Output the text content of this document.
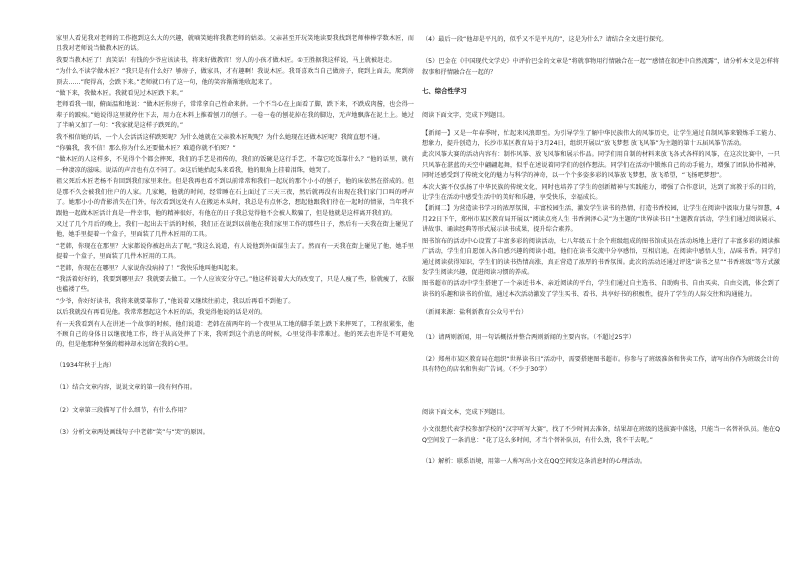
家里人看见我对老师的工作抱到这么大的兴趣，就嘀笑她将我教老师的姑弟。父亲甚至开玩笑地读要我找到老师棒棒学数木匠，而且我对老师说当做教木匠的话。

我要当教木匠了！真笑话！有钱的少爷应该读书，将来好做教官！穷人的小孩才做木匠。①王胜据我这样说，马上就被赶走。

“为什么不读学做木匠？”我只是有什么好？够房子，做家具，才有趣啊！我说木匠。我哥喜欢当自己做房子，爬到上面去，爬到房顶去……”爬得高，会跌下来。”老师就口有了这一句，他的笑容渐渐地收起来了。

“做下来，我做木匠。我就看见过木匠跌下来。”

老师看我一眼，俯面温和地说：“做木匠你房子，常常拿自己性命来拼。一个不当心在上面看了脚，跌下来，不跌成肉酱，也会得一辈子的跛疾。”她说得这里就停住下去，用力在木料上推着刨刀的刨子。一卷一卷的刨花掉在我的脚边，无声地飘落在泥土上。她过了半晌又加了一句：“我家就是这样子跌死的。”

我不相信她的话，一个人会活活这样跌死呢？为什么她就在父亲教木匠呢呢？为什么她现在还做木匠呢？我简直想不通。

“你骗我，我不信！那么你为什么还要做木匠？难道你就不怕死？”

“做木匠的人这样多，不见得个个都会摔死，我们的手艺是祖传的，我们的饭碗是这行手艺，不靠它吃饭靠什么？”他的话里，就有一种凄凉的滋味。说话的声音也有点不同了。②这后她抬起头来看我，他的眼角上挂着泪珠，她哭了。

祖父死后木匠老杨不肯回到我们家里来住。但是我再也看不到以前常常和我们一起玩的那个小小的刨子，他的床依然在搭成的。但是那不久会被我们住户的人家。几家鲍，他就的时间，经常睡在石上面过了三天三夜，然后就再没有出现在我们家门口叫的呼声了。她那小小的背影消失在门外，每次看到远处有人在搬运木头时，我总是有点怀念，想起他跟我们待在一起时的情景，当年我不跟他一起做木匠活计真是一件幸事，他的精神很好，有他在的日子我总觉得他不会被人欺骗了，但是他就是这样离开我们的。

又过了几个月后的晚上，我们一起出去干活的时候，我们正在说到以前他在我们家里工作的那些日子，然后有一天我在街上碰见了他，她手里提着一个盒子，里面装了几件木匠用的工具。

“老韩，你现在在那里？大家都说你被赶出去了呢，”我这么说道，有人说他到外面谋生去了。然而有一天我在街上碰见了他，她手里提着一个盒子，里面装了几件木匠用的工具。

“老韩，你现在在哪里？人家说你没病掉了！”我快乐地叫他叫起来。

“我活着好好的，我要到哪里去？我就要去做工。一个人应该安分守己。”他这样说着大大的改变了，只是人瘦了些，脸就瘦了，衣服也褴褛了些。

“少爷，你好好读书，我将来就要靠你了，”他说着又继续往前走，我以后再看不到他了。

以后我就没有再看见他。我常常想起这个木匠的话，我觉得他说的话是对的。

有一天我看到有人在讲述一个故事的时候，他们说道：老韩在前两年的一个夜里从工地的脚手架上跌下来摔死了，工程很紧张，他不顾自己的身体日以继夜地工作，终于从高处摔了下来，我听到这个消息的时候，心里觉得非常难过。他的死去也许是不可避免的，但是他那种坚强的精神却永远留在我的心里。

（1934年秋于上海）
（1）结合文章内容，说说文章的第一段有何作用。
（2）文章第三段描写了什么细节，有什么作用？
（3）分析文章两处画线句子中老韩“笑”与“哭”的原因。
（4）最后一段“他却是平凡的，似乎又不是平凡的”，这是为什么？请结合全文进行探究。
（5）巴金在《中国现代文学史》中评价巴金的文章是“将就事物用行情融合在一起”“感情在叙述中自然流露”，请分析本文是怎样将叙事和抒情融合在一起的？
七、综合性学习

阅读下面文字，完成下列题目。

【新闻一】又是一年春季时，忙起来风浪即至。为引导学生了解中华民族伟大的风筝历史，让学生通过自制风筝来锻炼手工能力、想象力，提升创造力，长沙市某区教育局于3月24日，组织开展以“放飞梦想 放飞风筝”为主题的第十五届风筝节活动。

此次风筝大赛的活动内容有：制作风筝、放飞风筝和展示作品。同学们用自制的材料来放飞各式各样的风筝，在这次比赛中，一只只风筝在湛蓝的天空中翩翩起舞，似乎在述说着同学们的创作想法。同学们在活动中锻炼自己的动手能力，增强了团队协作精神，同时还感受到了传统文化的魅力与科学的神奇，以一个个多姿多彩的风筝放飞梦想，放飞希望，“飞扬吧梦想”。

本次大赛不仅弘扬了中华民族的传统文化，同时也培养了学生的创新精神与实践能力，增强了合作意识，达到了寓教于乐的目的，让学生在活动中感受生活中的美好和乐趣，享受快乐，幸福成长。

【新闻二】为营造读书学习的浓厚氛围，丰富校园生活，激发学生读书的热情，打造书香校园，让学生在阅读中汲取力量与智慧，4月22日下午，郑州市某区教育局开展以“阅读点亮人生 书香润泽心灵”为主题的“世界读书日”主题教育活动，学生们通过阅读展示、讲故事、诵读经典等形式展示读书成果，提升综合素养。

图书馆布的活动中心设置了丰富多彩的阅读活动，七八年级五十余个班级组成的图书馆成员在活动场地上进行了丰富多彩的阅读推广活动，学生们自愿加入各自感兴趣的阅读小组，他们在读书交流中分享感悟，互相启迪，在阅读中感悟人生，品味书香。同学们通过阅读获得知识，学生们的读书热情高涨，真正营造了浓厚的书香氛围。此次的活动还通过评选“读书之星”“书香班级”等方式激发学生阅读兴趣，促进阅读习惯的养成。

图书超市的活动中学生搭建了一个亲近书本、亲近阅读的平台，学生们通过自主选书、自助购书、自由买卖、自由交流，体会到了读书的乐趣和读书的价值，通过本次活动激发了学生买书、看书、共享好书的积极性，提升了学生的人际交往和沟通能力。

（新闻来源：盐利新教育公众号平台）
（1）请两则新闻，用一句话概括并整合两则新闻的主要内容。（不超过25字）
（2）郑州市某区教育局在组织“世界读书日”活动中，需要搭建图书超市。你参与了班级准备和售卖工作，请写出你作为班级会计的具有特色的店名和售卖广告词。（不少于30字）

阅读下面文本，完成下列题目。

小文很想代表学校参加学校的“汉字听写大赛”，找了不少时间去准备，结果却在班级的选拔赛中落选，只能当一名替补队员。他在QQ空间发了一条消息：“花了这么多时间，才当个替补队员，有什么劲，我不干去呢。”

（1）解析：联系语境，用第一人称写出小文在QQ空间发这条消息时的心理活动。
